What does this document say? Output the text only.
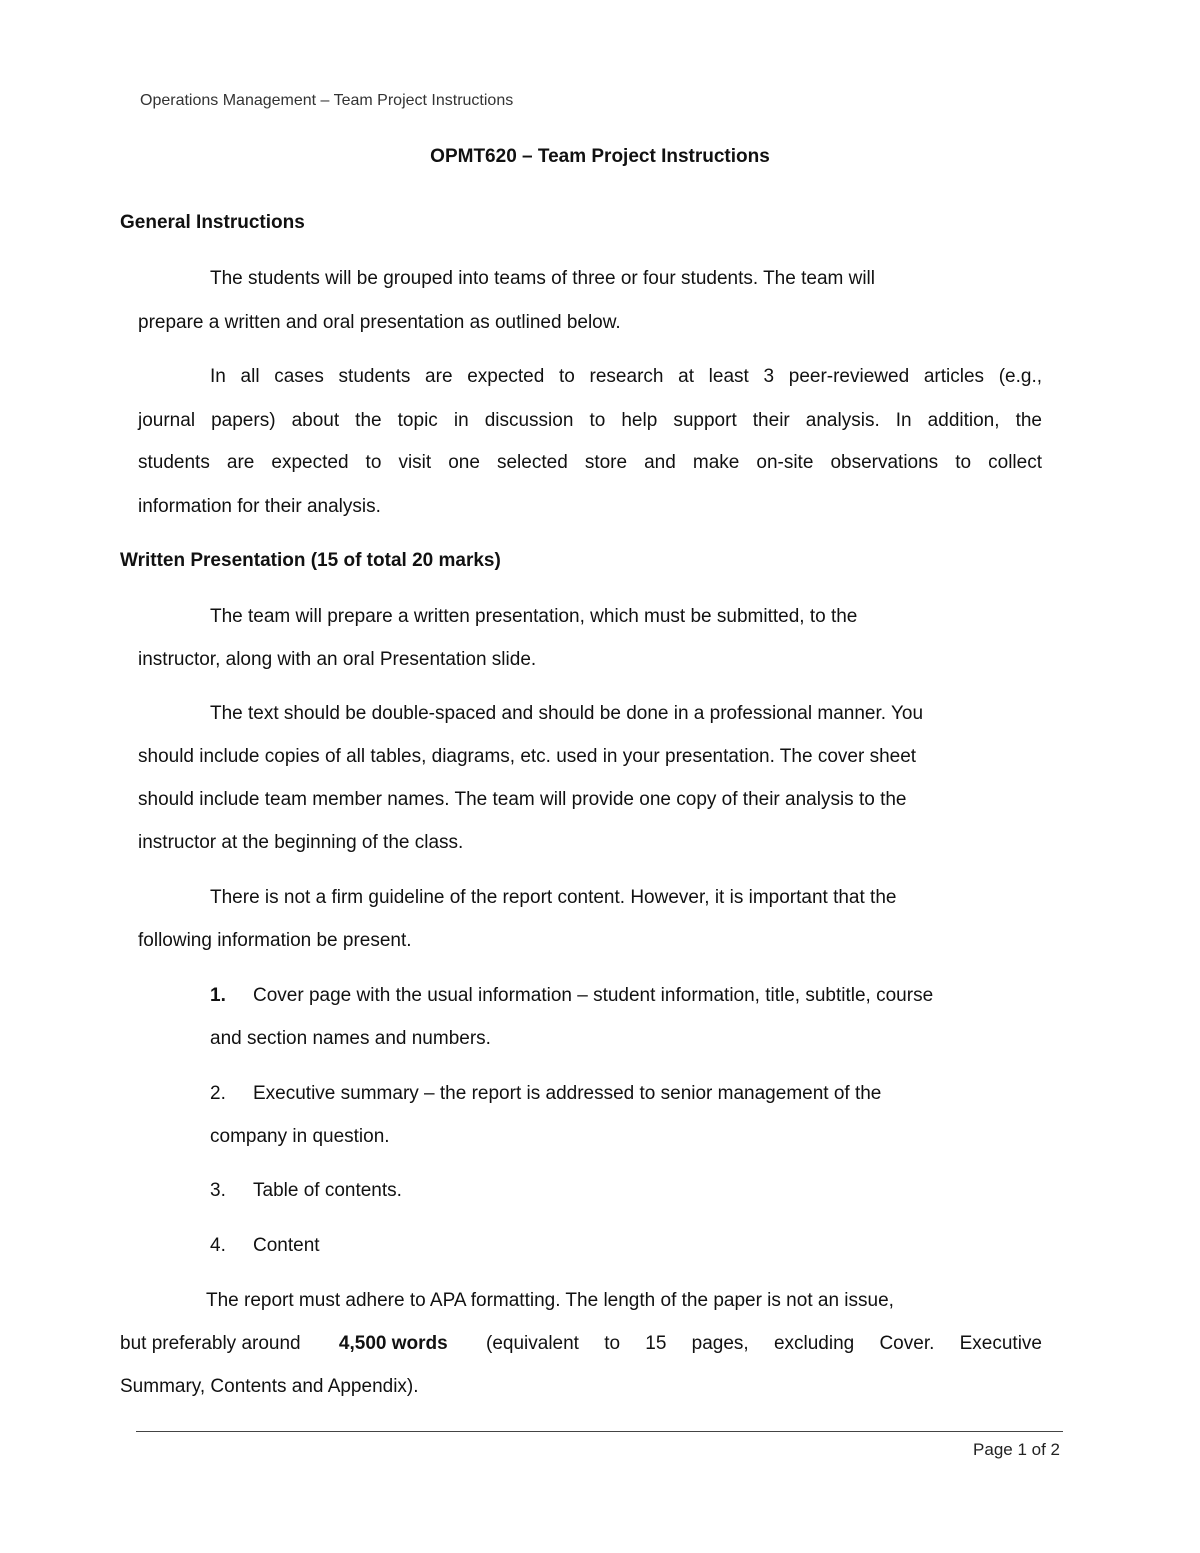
Operations Management – Team Project Instructions
OPMT620 – Team Project Instructions
General Instructions
The students will be grouped into teams of three or four students. The team will
prepare a written and oral presentation as outlined below.
In all cases students are expected to research at least 3 peer-reviewed articles (e.g.,
journal papers) about the topic in discussion to help support their analysis. In addition, the
students are expected to visit one selected store and make on-site observations to collect
information for their analysis.
Written Presentation (15 of total 20 marks)
The team will prepare a written presentation, which must be submitted, to the
instructor, along with an oral Presentation slide.
The text should be double-spaced and should be done in a professional manner. You
should include copies of all tables, diagrams, etc. used in your presentation. The cover sheet
should include team member names. The team will provide one copy of their analysis to the
instructor at the beginning of the class.
There is not a firm guideline of the report content. However, it is important that the
following information be present.
1. Cover page with the usual information – student information, title, subtitle, course
and section names and numbers.
2. Executive summary – the report is addressed to senior management of the
company in question.
3. Table of contents.
4. Content
The report must adhere to APA formatting. The length of the paper is not an issue,
but preferably around 4,500 words (equivalent to 15 pages, excluding Cover. Executive
Summary, Contents and Appendix).
Page 1 of 2
